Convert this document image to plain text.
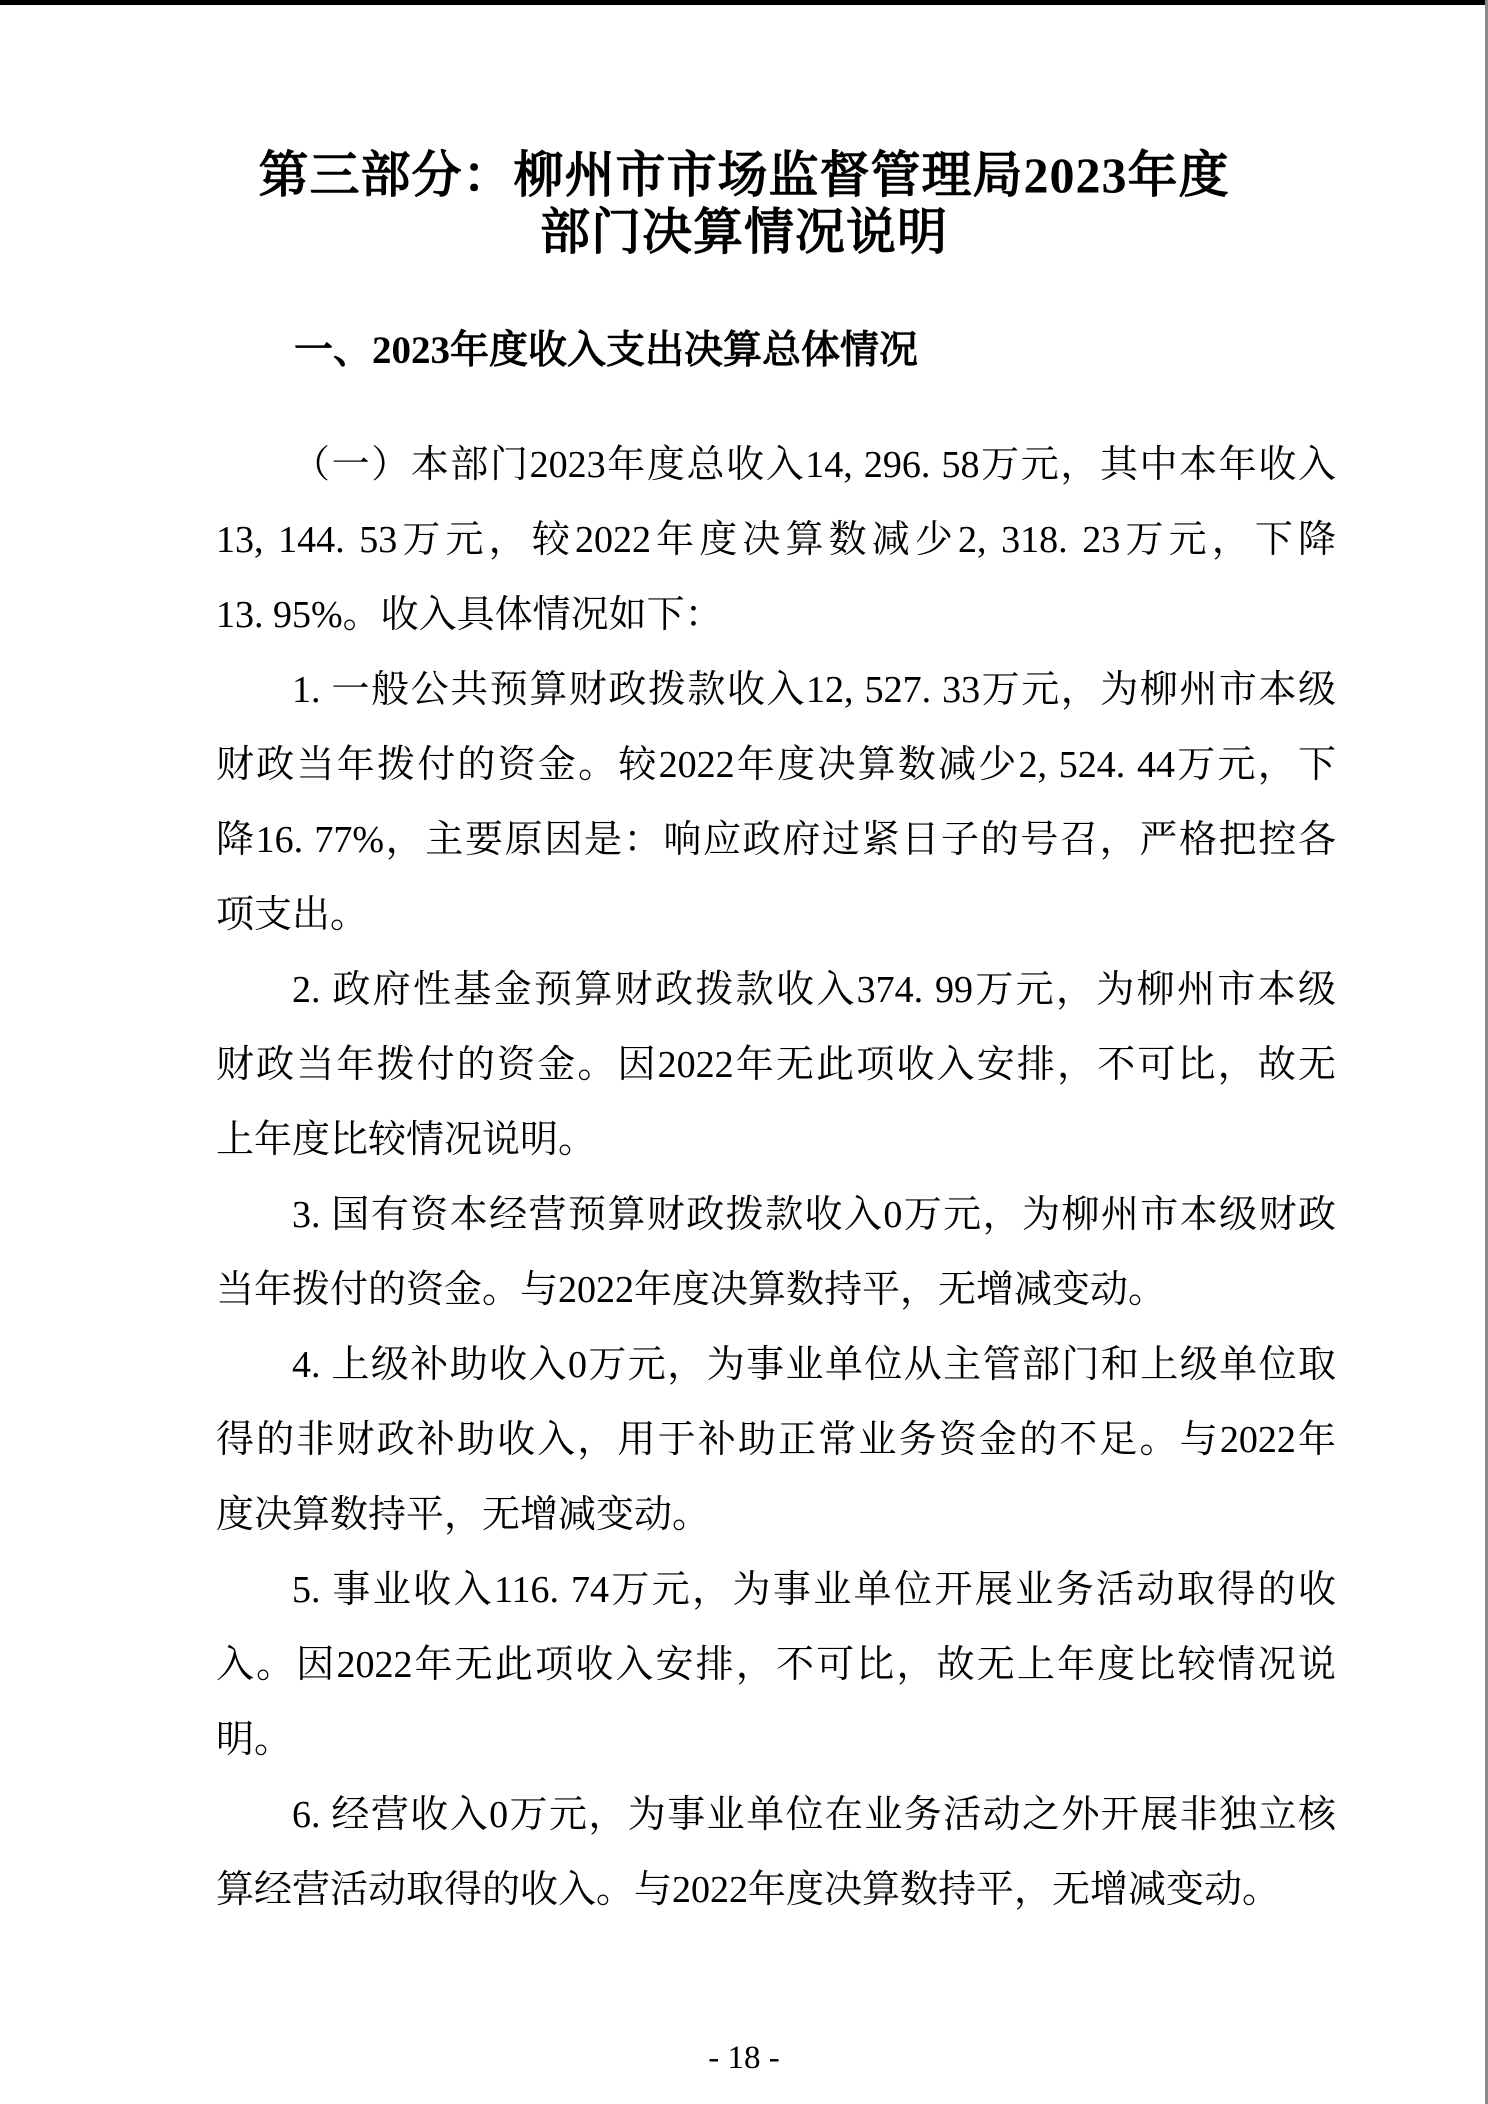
第三部分：柳州市市场监督管理局2023年度
部门决算情况说明
一、2023年度收入支出决算总体情况
（一）本部门2023年度总收入14, 296. 58万元，其中本年收入
13, 144. 53万元，较2022年度决算数减少2, 318. 23万元，下降
13. 95%。收入具体情况如下：
1. 一般公共预算财政拨款收入12, 527. 33万元，为柳州市本级
财政当年拨付的资金。较2022年度决算数减少2, 524. 44万元，下
降16. 77%，主要原因是：响应政府过紧日子的号召，严格把控各
项支出。
2. 政府性基金预算财政拨款收入374. 99万元，为柳州市本级
财政当年拨付的资金。因2022年无此项收入安排，不可比，故无
上年度比较情况说明。
3. 国有资本经营预算财政拨款收入0万元，为柳州市本级财政
当年拨付的资金。与2022年度决算数持平，无增减变动。
4. 上级补助收入0万元，为事业单位从主管部门和上级单位取
得的非财政补助收入，用于补助正常业务资金的不足。与2022年
度决算数持平，无增减变动。
5. 事业收入116. 74万元，为事业单位开展业务活动取得的收
入。因2022年无此项收入安排，不可比，故无上年度比较情况说
明。
6. 经营收入0万元，为事业单位在业务活动之外开展非独立核
算经营活动取得的收入。与2022年度决算数持平，无增减变动。
- 18 -
